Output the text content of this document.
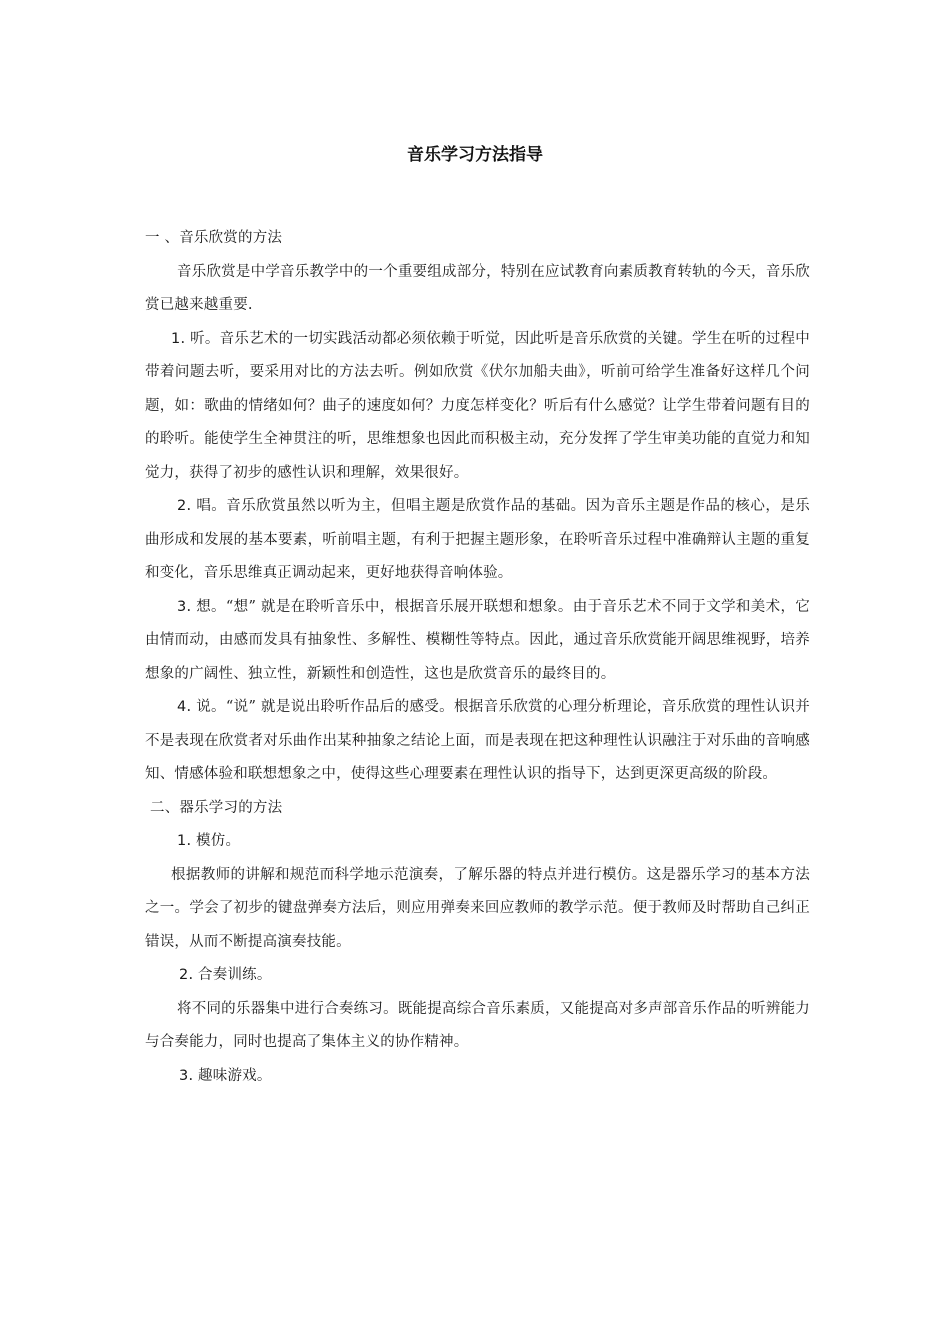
音乐学习方法指导

一 、音乐欣赏的方法

音乐欣赏是中学音乐教学中的一个重要组成部分，特别在应试教育向素质教育转轨的今天，音乐欣赏已越来越重要.

1. 听。音乐艺术的一切实践活动都必须依赖于听觉，因此听是音乐欣赏的关键。学生在听的过程中带着问题去听，要采用对比的方法去听。例如欣赏《伏尔加船夫曲》，听前可给学生准备好这样几个问题，如：歌曲的情绪如何？曲子的速度如何？力度怎样变化？听后有什么感觉？让学生带着问题有目的的聆听。能使学生全神贯注的听，思维想象也因此而积极主动，充分发挥了学生审美功能的直觉力和知觉力，获得了初步的感性认识和理解，效果很好。

2. 唱。音乐欣赏虽然以听为主，但唱主题是欣赏作品的基础。因为音乐主题是作品的核心，是乐曲形成和发展的基本要素，听前唱主题，有利于把握主题形象，在聆听音乐过程中准确辩认主题的重复和变化，音乐思维真正调动起来，更好地获得音响体验。

3. 想。“想” 就是在聆听音乐中，根据音乐展开联想和想象。由于音乐艺术不同于文学和美术，它由情而动，由感而发具有抽象性、多解性、模糊性等特点。因此，通过音乐欣赏能开阔思维视野，培养想象的广阔性、独立性，新颖性和创造性，这也是欣赏音乐的最终目的。

4. 说。“说” 就是说出聆听作品后的感受。根据音乐欣赏的心理分析理论，音乐欣赏的理性认识并不是表现在欣赏者对乐曲作出某种抽象之结论上面，而是表现在把这种理性认识融注于对乐曲的音响感知、情感体验和联想想象之中，使得这些心理要素在理性认识的指导下，达到更深更高级的阶段。

二、器乐学习的方法

1. 模仿。

根据教师的讲解和规范而科学地示范演奏，了解乐器的特点并进行模仿。这是器乐学习的基本方法之一。学会了初步的键盘弹奏方法后，则应用弹奏来回应教师的教学示范。便于教师及时帮助自己纠正错误，从而不断提高演奏技能。

2. 合奏训练。

将不同的乐器集中进行合奏练习。既能提高综合音乐素质，又能提高对多声部音乐作品的听辨能力与合奏能力，同时也提高了集体主义的协作精神。

3. 趣味游戏。
